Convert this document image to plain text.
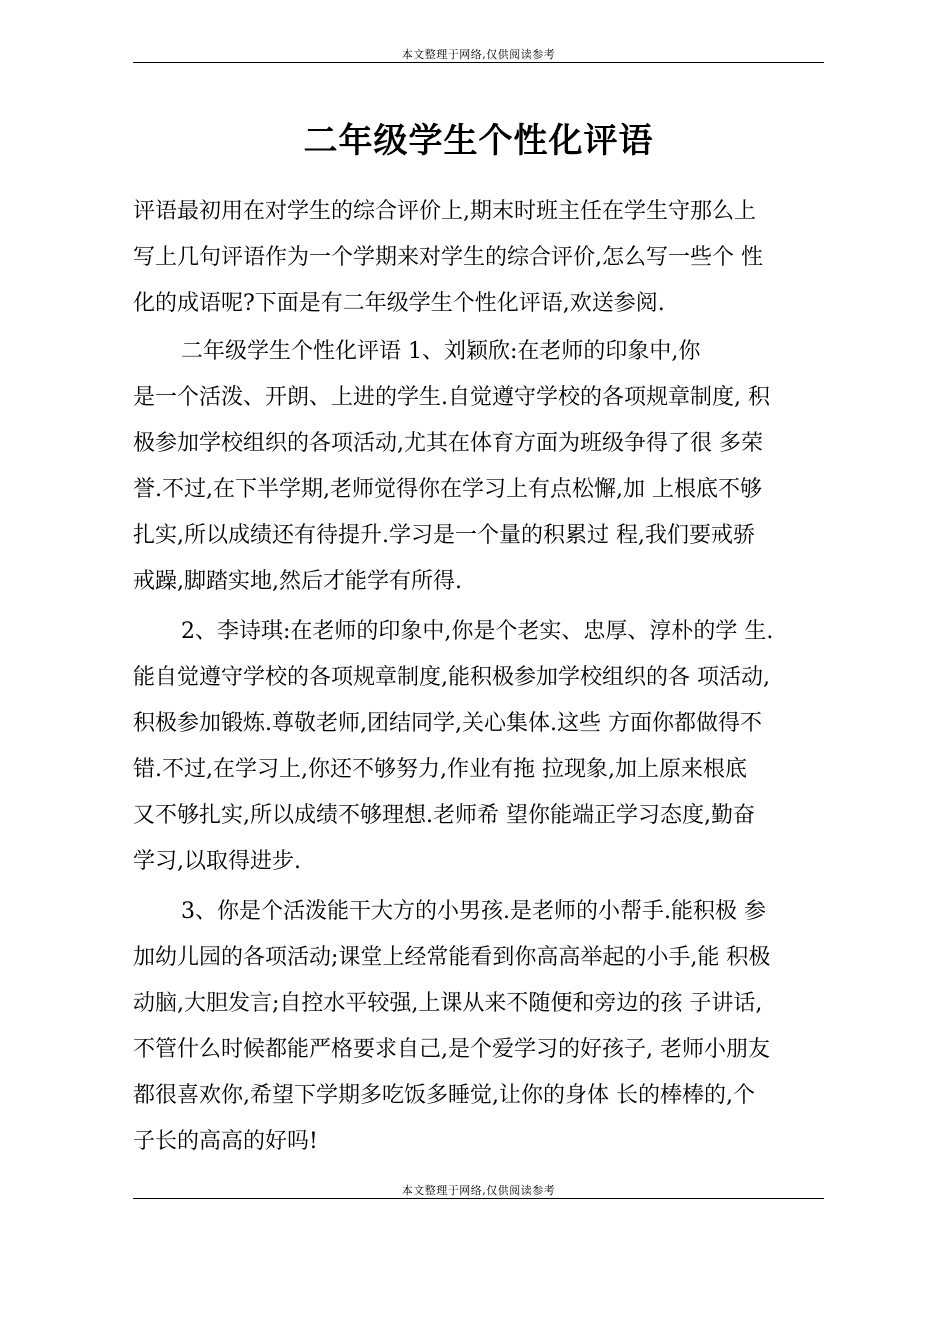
本文整理于网络,仅供阅读参考
二年级学生个性化评语
评语最初用在对学生的综合评价上,期末时班主任在学生守那么上
写上几句评语作为一个学期来对学生的综合评价,怎么写一些个 性
化的成语呢?下面是有二年级学生个性化评语,欢送参阅.
二年级学生个性化评语 1、刘颖欣:在老师的印象中,你
是一个活泼、开朗、上进的学生.自觉遵守学校的各项规章制度, 积
极参加学校组织的各项活动,尤其在体育方面为班级争得了很 多荣
誉.不过,在下半学期,老师觉得你在学习上有点松懈,加 上根底不够
扎实,所以成绩还有待提升.学习是一个量的积累过 程,我们要戒骄
戒躁,脚踏实地,然后才能学有所得.
2、李诗琪:在老师的印象中,你是个老实、忠厚、淳朴的学 生.
能自觉遵守学校的各项规章制度,能积极参加学校组织的各 项活动,
积极参加锻炼.尊敬老师,团结同学,关心集体.这些 方面你都做得不
错.不过,在学习上,你还不够努力,作业有拖 拉现象,加上原来根底
又不够扎实,所以成绩不够理想.老师希 望你能端正学习态度,勤奋
学习,以取得进步.
3、你是个活泼能干大方的小男孩.是老师的小帮手.能积极 参
加幼儿园的各项活动;课堂上经常能看到你高高举起的小手,能 积极
动脑,大胆发言;自控水平较强,上课从来不随便和旁边的孩 子讲话,
不管什么时候都能严格要求自己,是个爱学习的好孩子, 老师小朋友
都很喜欢你,希望下学期多吃饭多睡觉,让你的身体 长的棒棒的,个
子长的高高的好吗!
本文整理于网络,仅供阅读参考
